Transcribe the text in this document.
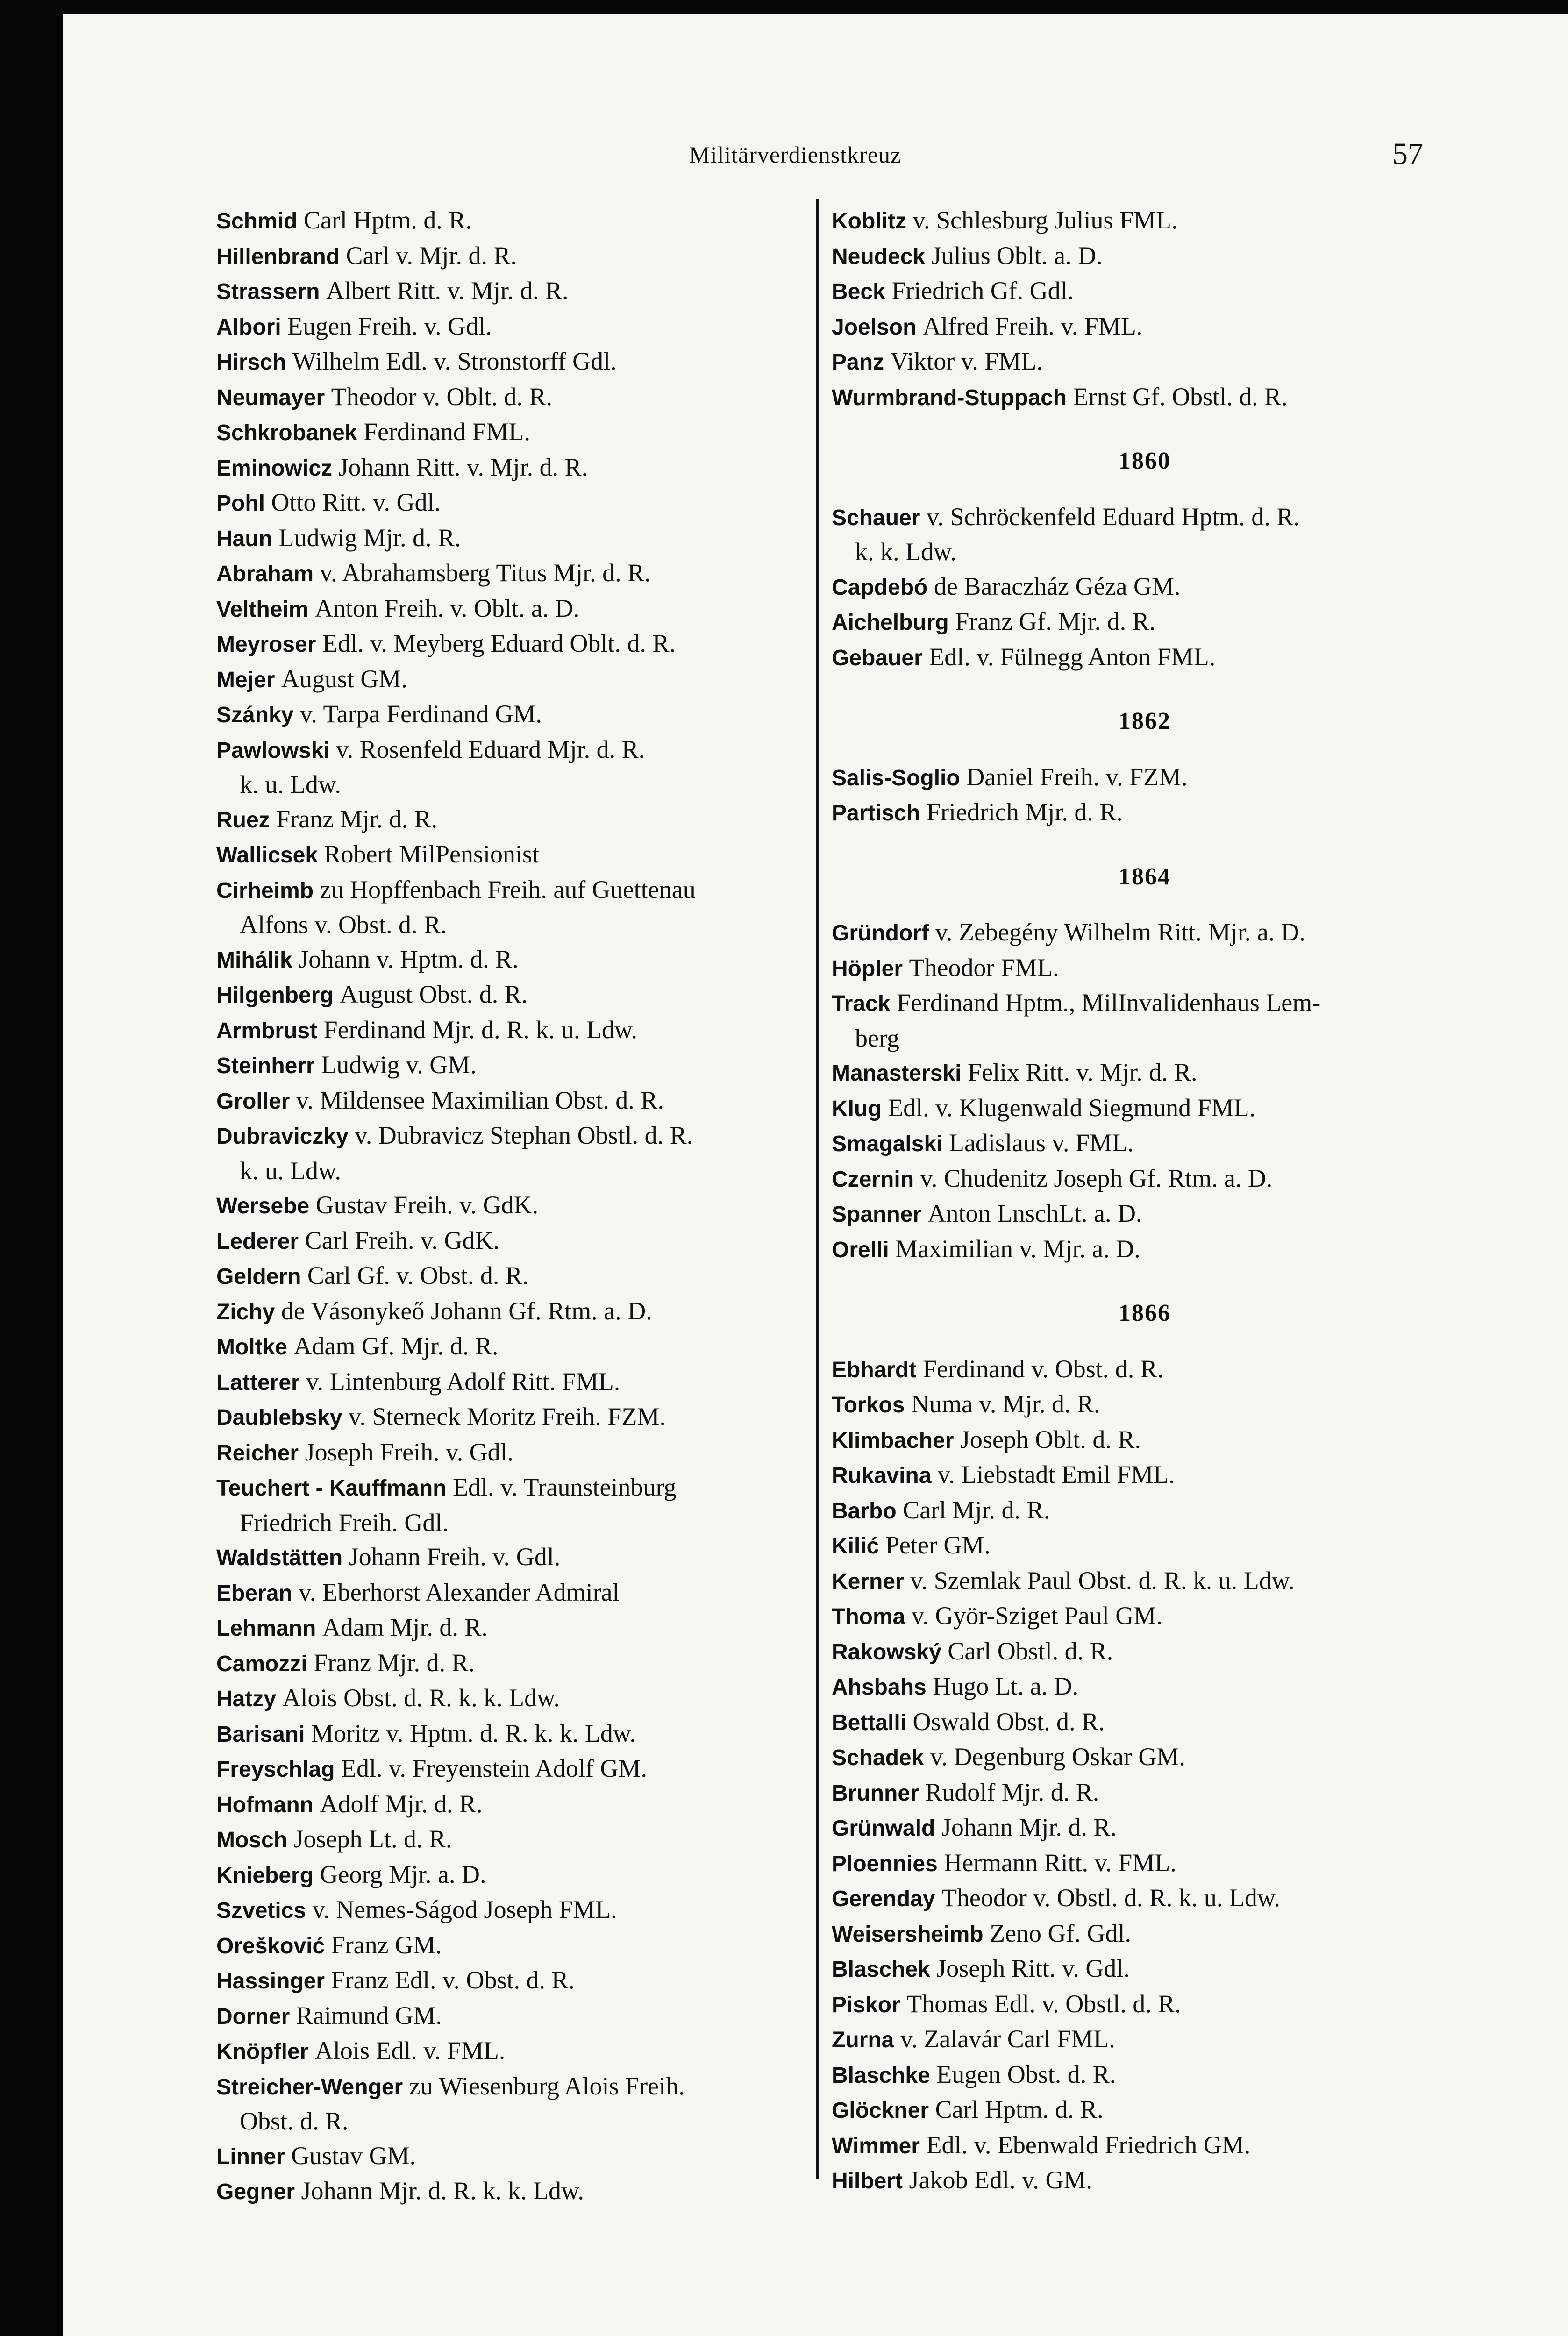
Militärverdienstkreuz	57
Schmid Carl Hptm. d. R.
Hillenbrand Carl v. Mjr. d. R.
Strassern Albert Ritt. v. Mjr. d. R.
Albori Eugen Freih. v. Gdl.
Hirsch Wilhelm Edl. v. Stronstorff Gdl.
Neumayer Theodor v. Oblt. d. R.
Schkrobanek Ferdinand FML.
Eminowicz Johann Ritt. v. Mjr. d. R.
Pohl Otto Ritt. v. Gdl.
Haun Ludwig Mjr. d. R.
Abraham v. Abrahamsberg Titus Mjr. d. R.
Veltheim Anton Freih. v. Oblt. a. D.
Meyroser Edl. v. Meyberg Eduard Oblt. d. R.
Mejer August GM.
Szánky v. Tarpa Ferdinand GM.
Pawlowski v. Rosenfeld Eduard Mjr. d. R.
k. u. Ldw.
Ruez Franz Mjr. d. R.
Wallicsek Robert MilPensionist
Cirheimb zu Hopffenbach Freih. auf Guettenau
Alfons v. Obst. d. R.
Mihálik Johann v. Hptm. d. R.
Hilgenberg August Obst. d. R.
Armbrust Ferdinand Mjr. d. R. k. u. Ldw.
Steinherr Ludwig v. GM.
Groller v. Mildensee Maximilian Obst. d. R.
Dubraviczky v. Dubravicz Stephan Obstl. d. R.
k. u. Ldw.
Wersebe Gustav Freih. v. GdK.
Lederer Carl Freih. v. GdK.
Geldern Carl Gf. v. Obst. d. R.
Zichy de Vásonykeő Johann Gf. Rtm. a. D.
Moltke Adam Gf. Mjr. d. R.
Latterer v. Lintenburg Adolf Ritt. FML.
Daublebsky v. Sterneck Moritz Freih. FZM.
Reicher Joseph Freih. v. Gdl.
Teuchert - Kauffmann Edl. v. Traunsteinburg
Friedrich Freih. Gdl.
Waldstätten Johann Freih. v. Gdl.
Eberan v. Eberhorst Alexander Admiral
Lehmann Adam Mjr. d. R.
Camozzi Franz Mjr. d. R.
Hatzy Alois Obst. d. R. k. k. Ldw.
Barisani Moritz v. Hptm. d. R. k. k. Ldw.
Freyschlag Edl. v. Freyenstein Adolf GM.
Hofmann Adolf Mjr. d. R.
Mosch Joseph Lt. d. R.
Knieberg Georg Mjr. a. D.
Szvetics v. Nemes-Ságod Joseph FML.
Orešković Franz GM.
Hassinger Franz Edl. v. Obst. d. R.
Dorner Raimund GM.
Knöpfler Alois Edl. v. FML.
Streicher-Wenger zu Wiesenburg Alois Freih.
Obst. d. R.
Linner Gustav GM.
Gegner Johann Mjr. d. R. k. k. Ldw.
Koblitz v. Schlesburg Julius FML.
Neudeck Julius Oblt. a. D.
Beck Friedrich Gf. Gdl.
Joelson Alfred Freih. v. FML.
Panz Viktor v. FML.
Wurmbrand-Stuppach Ernst Gf. Obstl. d. R.
1860
Schauer v. Schröckenfeld Eduard Hptm. d. R.
k. k. Ldw.
Capdebó de Baraczház Géza GM.
Aichelburg Franz Gf. Mjr. d. R.
Gebauer Edl. v. Fülnegg Anton FML.
1862
Salis-Soglio Daniel Freih. v. FZM.
Partisch Friedrich Mjr. d. R.
1864
Gründorf v. Zebegény Wilhelm Ritt. Mjr. a. D.
Höpler Theodor FML.
Track Ferdinand Hptm., MilInvalidenhaus Lem-
berg
Manasterski Felix Ritt. v. Mjr. d. R.
Klug Edl. v. Klugenwald Siegmund FML.
Smagalski Ladislaus v. FML.
Czernin v. Chudenitz Joseph Gf. Rtm. a. D.
Spanner Anton LnschLt. a. D.
Orelli Maximilian v. Mjr. a. D.
1866
Ebhardt Ferdinand v. Obst. d. R.
Torkos Numa v. Mjr. d. R.
Klimbacher Joseph Oblt. d. R.
Rukavina v. Liebstadt Emil FML.
Barbo Carl Mjr. d. R.
Kilić Peter GM.
Kerner v. Szemlak Paul Obst. d. R. k. u. Ldw.
Thoma v. Györ-Sziget Paul GM.
Rakowský Carl Obstl. d. R.
Ahsbahs Hugo Lt. a. D.
Bettalli Oswald Obst. d. R.
Schadek v. Degenburg Oskar GM.
Brunner Rudolf Mjr. d. R.
Grünwald Johann Mjr. d. R.
Ploennies Hermann Ritt. v. FML.
Gerenday Theodor v. Obstl. d. R. k. u. Ldw.
Weisersheimb Zeno Gf. Gdl.
Blaschek Joseph Ritt. v. Gdl.
Piskor Thomas Edl. v. Obstl. d. R.
Zurna v. Zalavár Carl FML.
Blaschke Eugen Obst. d. R.
Glöckner Carl Hptm. d. R.
Wimmer Edl. v. Ebenwald Friedrich GM.
Hilbert Jakob Edl. v. GM.
